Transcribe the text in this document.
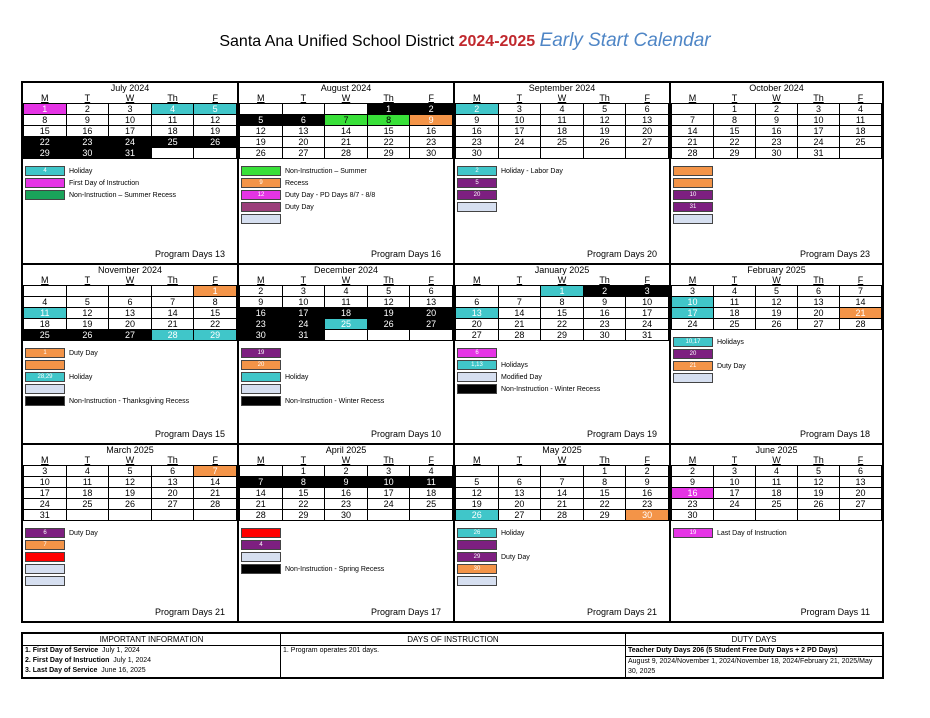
Santa Ana Unified School District 2024-2025 Early Start Calendar
July 2024
M	T	W	Th	F
1	2	3	4	5
8	9	10	11	12
15	16	17	18	19
22	23	24	25	26
29	30	31		
4	Holiday
First Day of Instruction
Non-Instruction – Summer Recess
Program Days 13
August 2024
M	T	W	Th	F
			1	2
5	6	7	8	9
12	13	14	15	16
19	20	21	22	23
26	27	28	29	30
Non-Instruction – Summer
9	Recess
12	Duty Day - PD Days 8/7 - 8/8
Duty Day
Program Days 16
September 2024
M	T	W	Th	F
2	3	4	5	6
9	10	11	12	13
16	17	18	19	20
23	24	25	26	27
30				
2	Holiday - Labor Day
5
20
Program Days 20
October 2024
M	T	W	Th	F
	1	2	3	4
7	8	9	10	11
14	15	16	17	18
21	22	23	24	25
28	29	30	31	
10
31
Program Days 23
November 2024
M	T	W	Th	F
				1
4	5	6	7	8
11	12	13	14	15
18	19	20	21	22
25	26	27	28	29
1	Duty Day
28,29	Holiday
Non-Instruction - Thanksgiving Recess
Program Days 15
December 2024
M	T	W	Th	F
2	3	4	5	6
9	10	11	12	13
16	17	18	19	20
23	24	25	26	27
30	31			
19
20
Holiday
Non-Instruction - Winter Recess
Program Days 10
January 2025
M	T	W	Th	F
		1	2	3
6	7	8	9	10
13	14	15	16	17
20	21	22	23	24
27	28	29	30	31
6
1,13	Holidays
Modified Day
Non-Instruction - Winter Recess
Program Days 19
February 2025
M	T	W	Th	F
3	4	5	6	7
10	11	12	13	14
17	18	19	20	21
24	25	26	27	28
10,17	Holidays
20
21	Duty Day
Program Days 18
March 2025
M	T	W	Th	F
3	4	5	6	7
10	11	12	13	14
17	18	19	20	21
24	25	26	27	28
31				
6	Duty Day
7
Program Days 21
April 2025
M	T	W	Th	F
	1	2	3	4
7	8	9	10	11
14	15	16	17	18
21	22	23	24	25
28	29	30		
4
Non-Instruction - Spring Recess
Program Days 17
May 2025
M	T	W	Th	F
			1	2
5	6	7	8	9
12	13	14	15	16
19	20	21	22	23
26	27	28	29	30
26	Holiday
29	Duty Day
30
Program Days 21
June 2025
M	T	W	Th	F
2	3	4	5	6
9	10	11	12	13
16	17	18	19	20
23	24	25	26	27
30				
19	Last Day of Instruction
Program Days 11
IMPORTANT INFORMATION

1. First Day of Service July 1, 2024

2. First Day of Instruction July 1, 2024

3. Last Day of Service June 16, 2025

DAYS OF INSTRUCTION

1. Program operates 201 days.

DUTY DAYS

Teacher Duty Days 206 (5 Student Free Duty Days + 2 PD Days)

August 9, 2024/November 1, 2024/November 18, 2024/February 21, 2025/May 30, 2025
